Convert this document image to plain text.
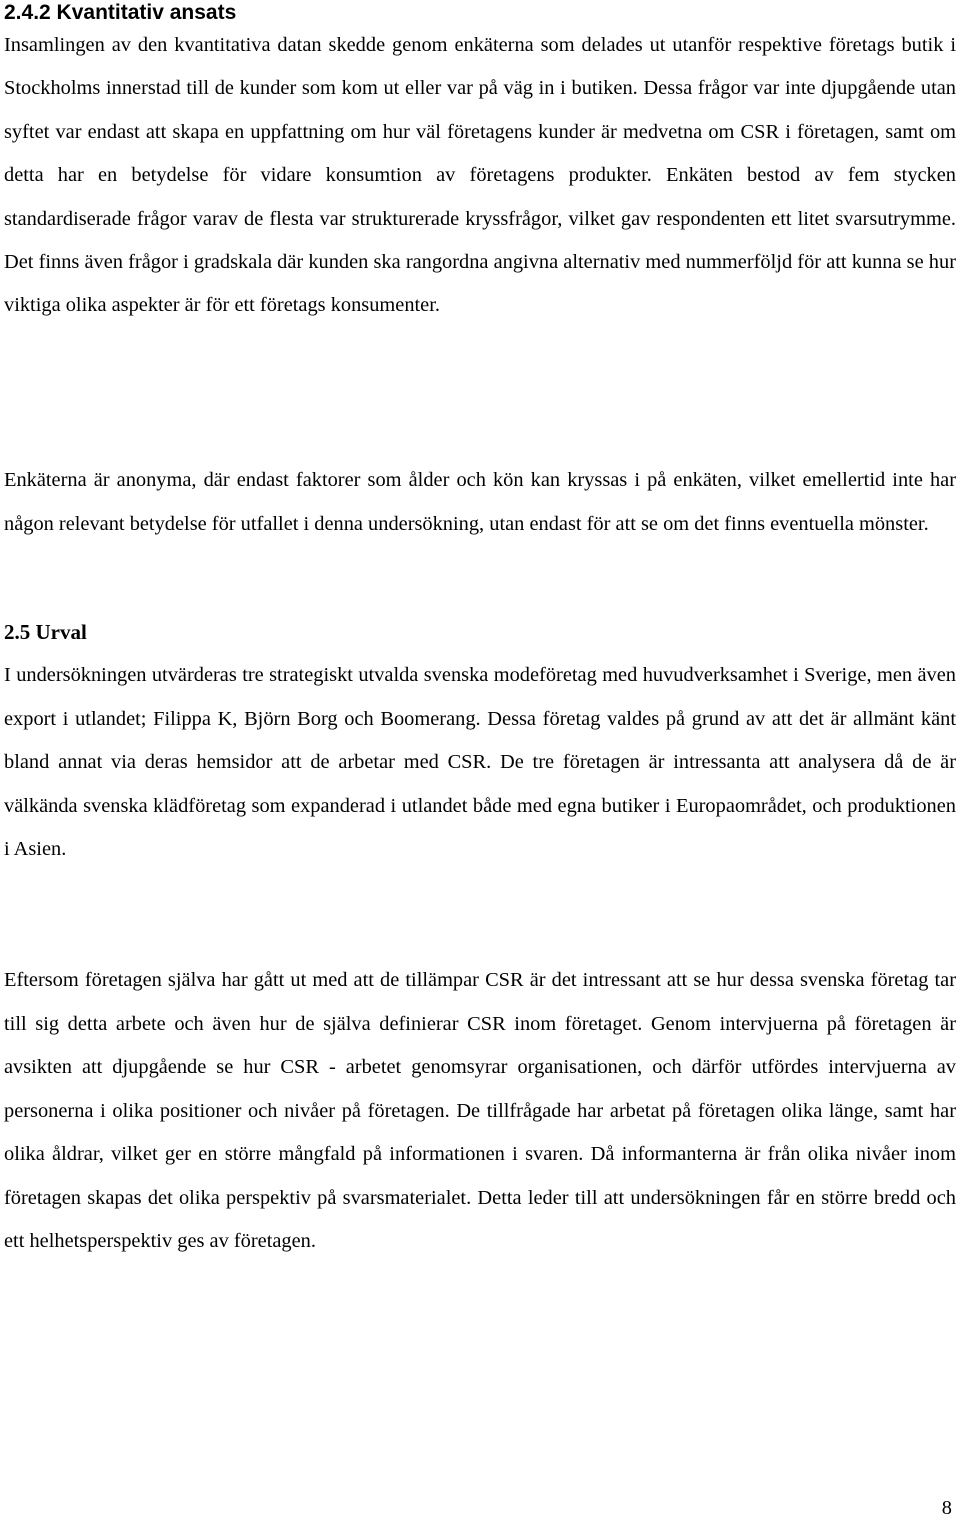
2.4.2 Kvantitativ ansats

Insamlingen av den kvantitativa datan skedde genom enkäterna som delades ut utanför respektive företags butik i Stockholms innerstad till de kunder som kom ut eller var på väg in i butiken. Dessa frågor var inte djupgående utan syftet var endast att skapa en uppfattning om hur väl företagens kunder är medvetna om CSR i företagen, samt om detta har en betydelse för vidare konsumtion av företagens produkter. Enkäten bestod av fem stycken standardiserade frågor varav de flesta var strukturerade kryssfrågor, vilket gav respondenten ett litet svarsutrymme. Det finns även frågor i gradskala där kunden ska rangordna angivna alternativ med nummerföljd för att kunna se hur viktiga olika aspekter är för ett företags konsumenter.

Enkäterna är anonyma, där endast faktorer som ålder och kön kan kryssas i på enkäten, vilket emellertid inte har någon relevant betydelse för utfallet i denna undersökning, utan endast för att se om det finns eventuella mönster.

2.5 Urval

I undersökningen utvärderas tre strategiskt utvalda svenska modeföretag med huvudverksamhet i Sverige, men även export i utlandet; Filippa K, Björn Borg och Boomerang. Dessa företag valdes på grund av att det är allmänt känt bland annat via deras hemsidor att de arbetar med CSR. De tre företagen är intressanta att analysera då de är välkända svenska klädföretag som expanderad i utlandet både med egna butiker i Europaområdet, och produktionen i Asien.

Eftersom företagen själva har gått ut med att de tillämpar CSR är det intressant att se hur dessa svenska företag tar till sig detta arbete och även hur de själva definierar CSR inom företaget. Genom intervjuerna på företagen är avsikten att djupgående se hur CSR - arbetet genomsyrar organisationen, och därför utfördes intervjuerna av personerna i olika positioner och nivåer på företagen. De tillfrågade har arbetat på företagen olika länge, samt har olika åldrar, vilket ger en större mångfald på informationen i svaren. Då informanterna är från olika nivåer inom företagen skapas det olika perspektiv på svarsmaterialet. Detta leder till att undersökningen får en större bredd och ett helhetsperspektiv ges av företagen.

8
